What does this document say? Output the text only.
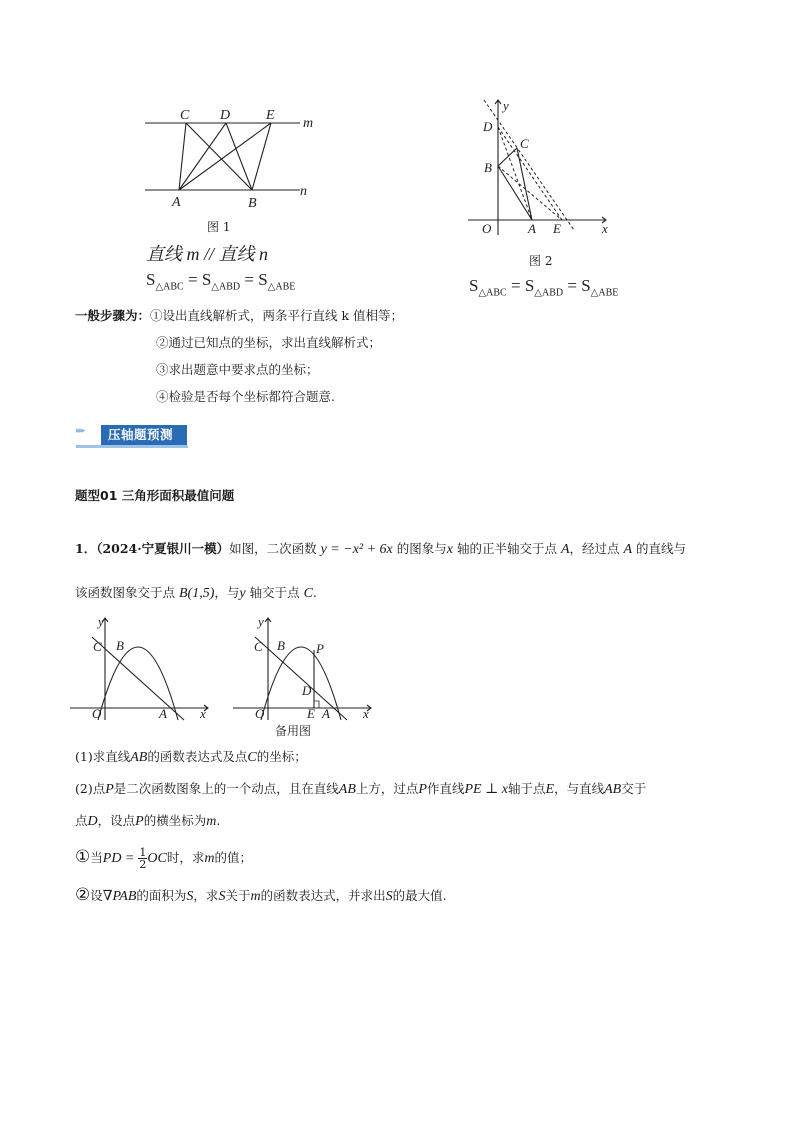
C D	E
A	B
m
n
图 1
直线 m // 直线 n
$S_{\triangle ABC} = S_{\triangle ABD} = S_{\triangle ABE}$
y
D
C
B
O	A E	x
图 2
$S_{\triangle ABC} = S_{\triangle ABD} = S_{\triangle ABE}$
一般步骤为：①设出直线解析式，两条平行直线 k 值相等；
②通过已知点的坐标，求出直线解析式；
③求出题意中要求点的坐标；
④检验是否每个坐标都符合题意.
▸▸▸ 压轴题预测
题型01 三角形面积最值问题
1．（2024·宁夏银川一模）如图，二次函数 y = −x² + 6x 的图象与x 轴的正半轴交于点 A，经过点 A 的直线与
该函数图象交于点 B(1,5)，与y 轴交于点 C.
y
C B
O	A	x
y
C B P
D
O	E A	x
备用图
(1)求直线AB的函数表达式及点C的坐标；
(2)点P是二次函数图象上的一个动点，且在直线AB上方，过点P作直线PE ⊥ x轴于点E，与直线AB交于
点D，设点P的横坐标为m.
①当PD = $\frac{1}{2}$ OC时，求m的值；
②设∇PAB的面积为S，求S关于m的函数表达式，并求出S的最大值.
